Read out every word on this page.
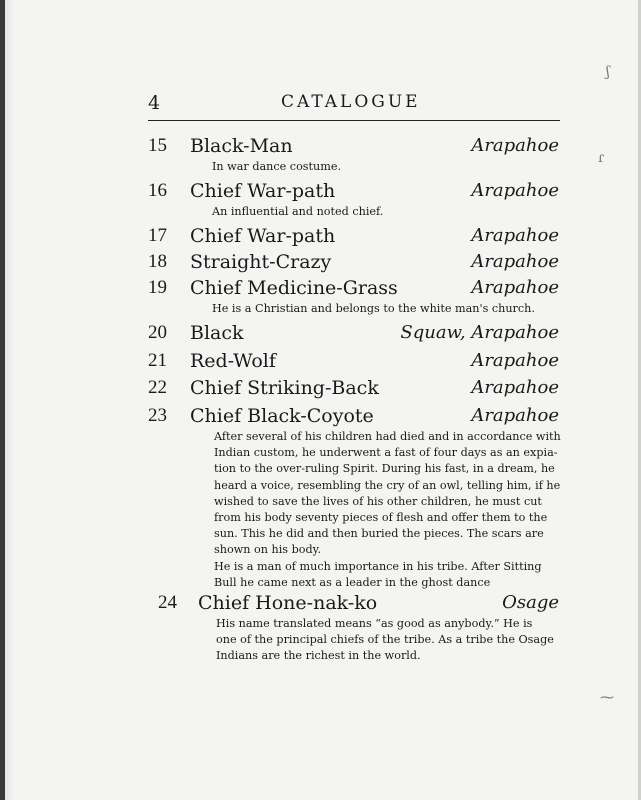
4	CATALOGUE
15 Black-Man	Arapahoe
In war dance costume.
16 Chief War-path	Arapahoe
An influential and noted chief.
17 Chief War-path	Arapahoe
18 Straight-Crazy	Arapahoe
19 Chief Medicine-Grass	Arapahoe
He is a Christian and belongs to the white man's church.
20 Black	Squaw, Arapahoe
21 Red-Wolf	Arapahoe
22 Chief Striking-Back	Arapahoe
23 Chief Black-Coyote	Arapahoe
After several of his children had died and in accordance with
Indian custom, he underwent a fast of four days as an expia-
tion to the over-ruling Spirit. During his fast, in a dream, he
heard a voice, resembling the cry of an owl, telling him, if he
wished to save the lives of his other children, he must cut
from his body seventy pieces of flesh and offer them to the
sun. This he did and then buried the pieces. The scars are
shown on his body.
He is a man of much importance in his tribe. After Sitting
Bull he came next as a leader in the ghost dance
24 Chief Hone-nak-ko	Osage
His name translated means “as good as anybody.” He is
one of the principal chiefs of the tribe. As a tribe the Osage
Indians are the richest in the world.
ʃ
ɾ
⁓
